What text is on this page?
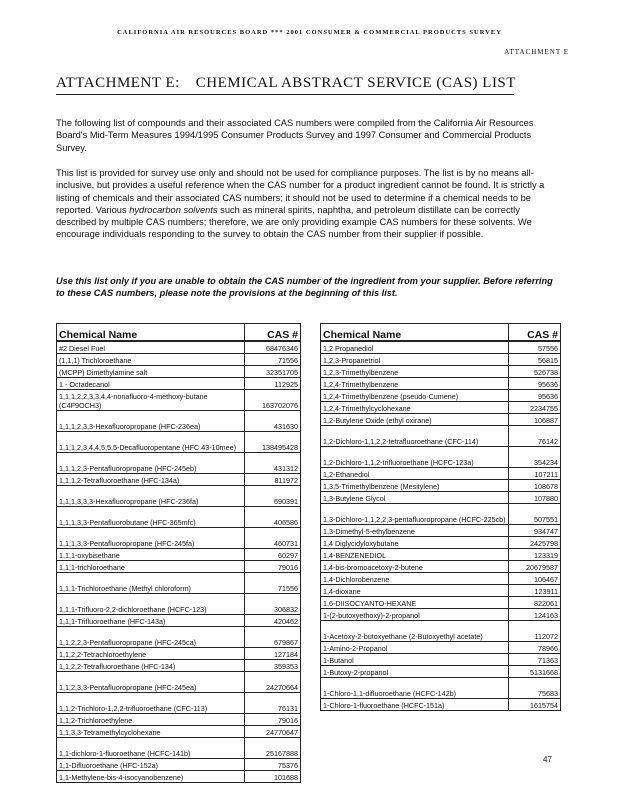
CALIFORNIA AIR RESOURCES BOARD *** 2001 CONSUMER & COMMERCIAL PRODUCTS SURVEY
ATTACHMENT E
ATTACHMENT E: CHEMICAL ABSTRACT SERVICE (CAS) LIST

The following list of compounds and their associated CAS numbers were compiled from the California Air Resources Board's Mid-Term Measures 1994/1995 Consumer Products Survey and 1997 Consumer and Commercial Products Survey.

This list is provided for survey use only and should not be used for compliance purposes. The list is by no means all-inclusive, but provides a useful reference when the CAS number for a product ingredient cannot be found. It is strictly a listing of chemicals and their associated CAS numbers; it should not be used to determine if a chemical needs to be reported. Various hydrocarbon solvents such as mineral spirits, naphtha, and petroleum distillate can be correctly described by multiple CAS numbers; therefore, we are only providing example CAS numbers for these solvents. We encourage individuals responding to the survey to obtain the CAS number from their supplier if possible.

Use this list only if you are unable to obtain the CAS number of the ingredient from your supplier. Before referring to these CAS numbers, please note the provisions at the beginning of this list.

Chemical Name	CAS #
#2 Diesel Fuel	68476346
(1,1,1) Trichloroethane	71556
(MCPP) Dimethylamine salt	32351705
1 - Octadecanol	112925
1,1,1,2,2,3,3,4,4-nonafluoro-4-methoxy-butane (C4F9OCH3)	163702076
1,1,1,2,3,3-Hexafluoropropane (HFC-236ea)	431630
1,1,1,2,3,4,4,5,5,5-Decafluoropentane (HFC 43-10mee)	138495428
1,1,1,2,3-Pentafluoropropane (HFC-245eb)	431312
1,1,1,2-Tetrafluoroethane (HFC-134a)	811972
1,1,1,3,3,3-Hexafluoropropane (HFC-236fa)	690391
1,1,1,3,3-Pentafluorobutane (HFC-365mfc)	406586
1,1,1,3,3-Pentafluoropropane (HFC-245fa)	460731
1,1,1-oxybisethane	60297
1,1,1-trichloroethane	79016
1,1,1-Trichloroethane (Methyl chloroform)	71556
1,1,1-Trifluoro-2,2-dichloroethane (HCFC-123)	306832
1,1,1-Trifluoroethane (HFC-143a)	420462
1,1,2,2,3-Pentafluoropropane (HFC-245ca)	679867
1,1,2,2-Tetrachloroethylene	127184
1,1,2,2-Tetrafluoroethane (HFC-134)	359353
1,1,2,3,3-Pentafluoropropane (HFC-245ea)	24270664
1,1,2-Trichloro-1,2,2-trifluoroethane (CFC-113)	76131
1,1,2-Trichloroethylene	79016
1,1,3,3-Tetramethylcyclohexane	24770647
1,1-dichloro-1-fluoroethane (HCFC-141b)	25167888
1,1-Difluoroethane (HFC-152a)	75376
1,1-Methylene-bis-4-isocyanobenzene)	101688
Chemical Name	CAS #
1,2 Propanediol	57556
1,2,3-Propanetriol	56815
1,2,3-Trimethylbenzene	526738
1,2,4-Trimethylbenzene	95636
1,2,4-Trimethylbenzene (pseudo-Cumene)	95636
1,2,4-Trimethylcyclohexane	2234755
1,2-Butylene Oxide (ethyl oxirane)	106887
1,2-Dichloro-1,1,2,2-tetrafluoroethane (CFC-114)	76142
1,2-Dichloro-1,1,2-trifluoroethane (HCFC-123a)	354234
1,2-Ethanediol	107211
1,3,5-Trimethylbenzene (Mesitylene)	108678
1,3-Butylene Glycol	107880
1,3-Dichloro-1,1,2,2,3-pentafluoropropane (HCFC-225cb)	507551
1,3-Dimethyl-5-ethylbenzene	934747
1,4 Diglycidyloxybutane	2425798
1,4-BENZENEDIOL	123319
1,4-bis-bromoacetoxy-2-butene	20679587
1,4-Dichlorobenzene	106467
1,4-dioxane	123911
1,6-DIISOCYANTO-HEXANE	822061
1-(2-butoxyethoxy)-2-propanol	124163
1-Acetoxy-2-butoxyethane (2-Butoxyethyl acetate)	112072
1-Amino-2-Propanol	78966
1-Butanol	71363
1-Butoxy-2-propanol	5131668
1-Chloro-1,1-difluoroethane (HCFC-142b)	75683
1-Chloro-1-fluoroethane (HCFC-151a)	1615754
47
